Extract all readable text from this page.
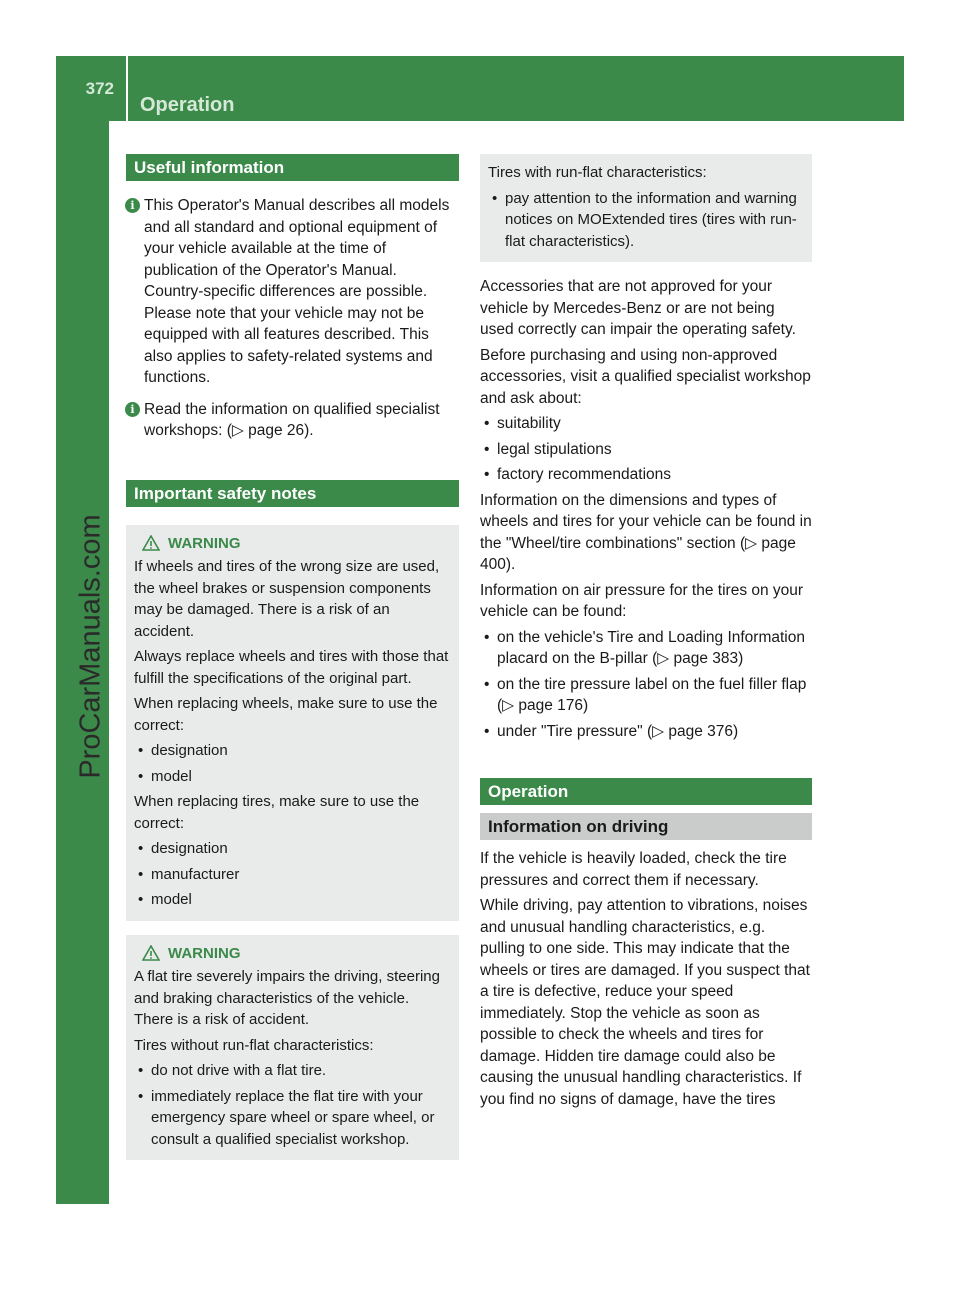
372
Operation
ProCarManuals.com
Useful information
i This Operator's Manual describes all models and all standard and optional equipment of your vehicle available at the time of publication of the Operator's Manual. Country-specific differences are possible. Please note that your vehicle may not be equipped with all features described. This also applies to safety-related systems and functions.
i Read the information on qualified specialist workshops: (▷ page 26).
Important safety notes
WARNING

If wheels and tires of the wrong size are used, the wheel brakes or suspension components may be damaged. There is a risk of an accident.

Always replace wheels and tires with those that fulfill the specifications of the original part.

When replacing wheels, make sure to use the correct:

• designation
• model

When replacing tires, make sure to use the correct:

• designation
• manufacturer
• model
WARNING

A flat tire severely impairs the driving, steering and braking characteristics of the vehicle. There is a risk of accident.

Tires without run-flat characteristics:

• do not drive with a flat tire.
• immediately replace the flat tire with your emergency spare wheel or spare wheel, or consult a qualified specialist workshop.

Tires with run-flat characteristics:

• pay attention to the information and warning notices on MOExtended tires (tires with run-flat characteristics).

Accessories that are not approved for your vehicle by Mercedes-Benz or are not being used correctly can impair the operating safety.

Before purchasing and using non-approved accessories, visit a qualified specialist workshop and ask about:

• suitability
• legal stipulations
• factory recommendations

Information on the dimensions and types of wheels and tires for your vehicle can be found in the "Wheel/tire combinations" section (▷ page 400).

Information on air pressure for the tires on your vehicle can be found:

• on the vehicle's Tire and Loading Information placard on the B-pillar (▷ page 383)
• on the tire pressure label on the fuel filler flap (▷ page 176)
• under "Tire pressure" (▷ page 376)
Operation
Information on driving

If the vehicle is heavily loaded, check the tire pressures and correct them if necessary.

While driving, pay attention to vibrations, noises and unusual handling characteristics, e.g. pulling to one side. This may indicate that the wheels or tires are damaged. If you suspect that a tire is defective, reduce your speed immediately. Stop the vehicle as soon as possible to check the wheels and tires for damage. Hidden tire damage could also be causing the unusual handling characteristics. If you find no signs of damage, have the tires
